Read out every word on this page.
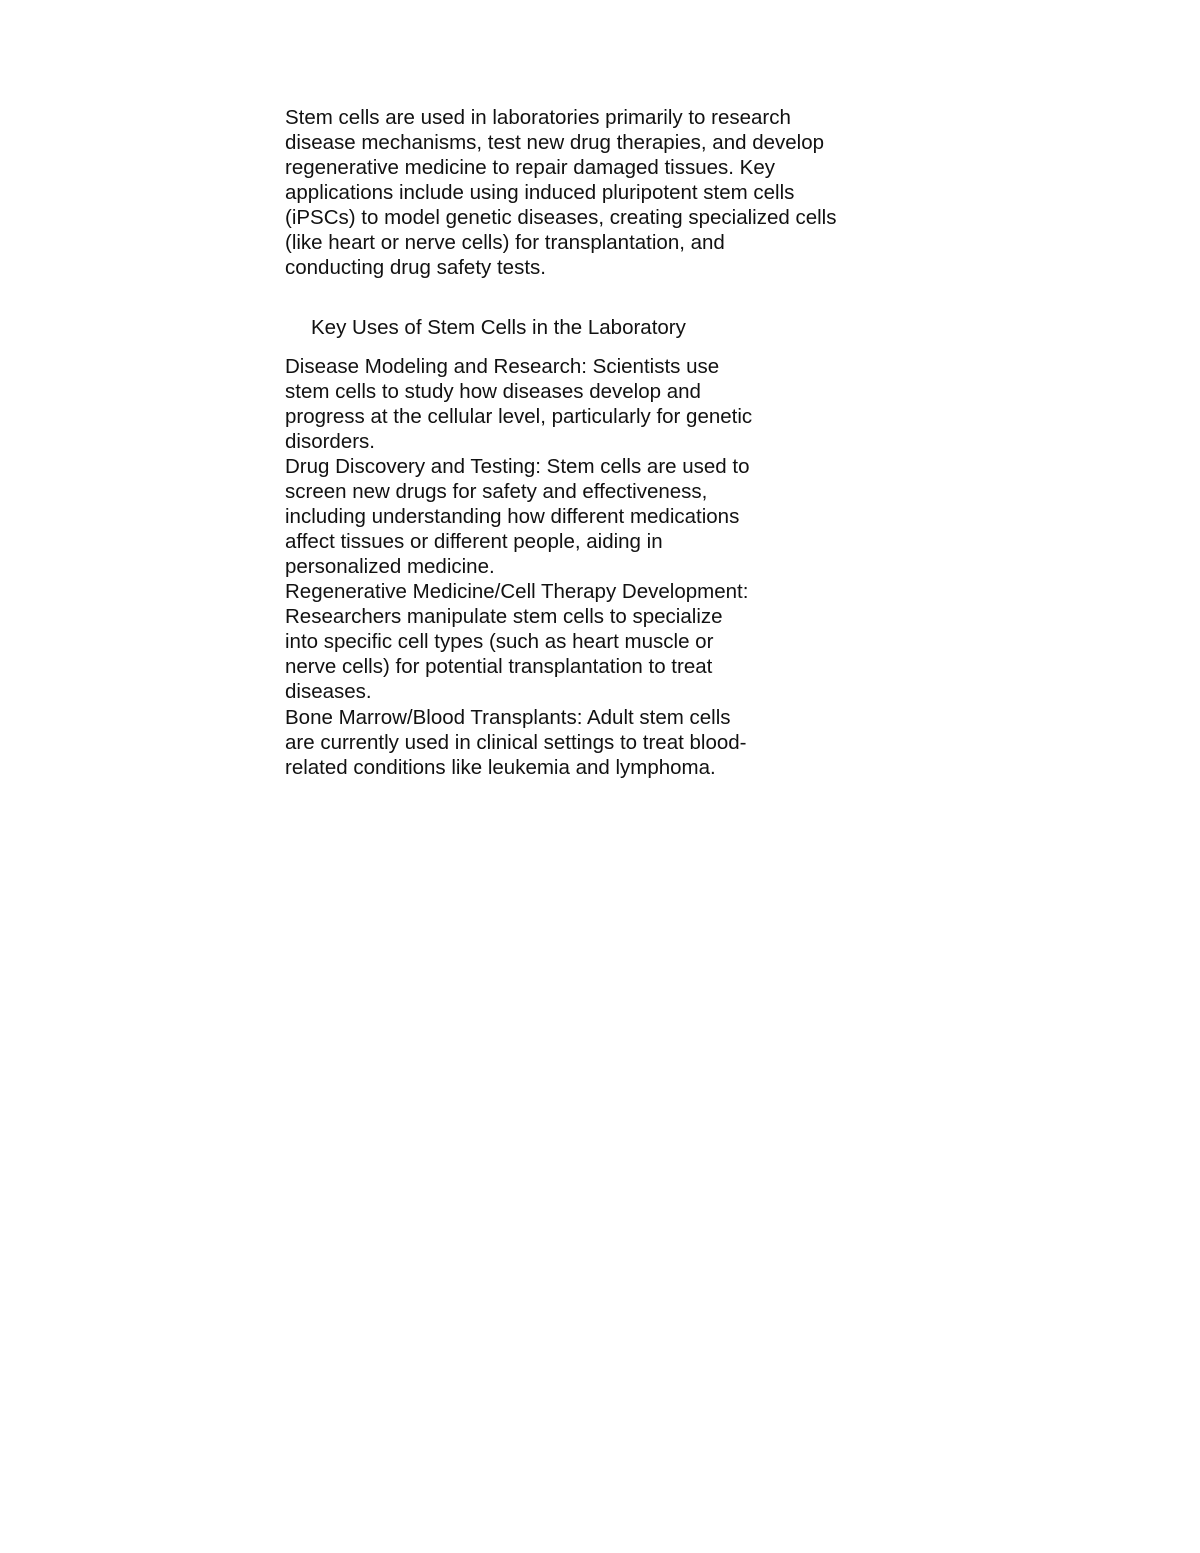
Stem cells are used in laboratories primarily to research

disease mechanisms, test new drug therapies, and develop

regenerative medicine to repair damaged tissues. Key

applications include using induced pluripotent stem cells

(iPSCs) to model genetic diseases, creating specialized cells

(like heart or nerve cells) for transplantation, and

conducting drug safety tests.

Key Uses of Stem Cells in the Laboratory

Disease Modeling and Research: Scientists use

stem cells to study how diseases develop and

progress at the cellular level, particularly for genetic

disorders.

Drug Discovery and Testing: Stem cells are used to

screen new drugs for safety and effectiveness,

including understanding how different medications

affect tissues or different people, aiding in

personalized medicine.

Regenerative Medicine/Cell Therapy Development:

Researchers manipulate stem cells to specialize

into specific cell types (such as heart muscle or

nerve cells) for potential transplantation to treat

diseases.

Bone Marrow/Blood Transplants: Adult stem cells

are currently used in clinical settings to treat blood-

related conditions like leukemia and lymphoma.
